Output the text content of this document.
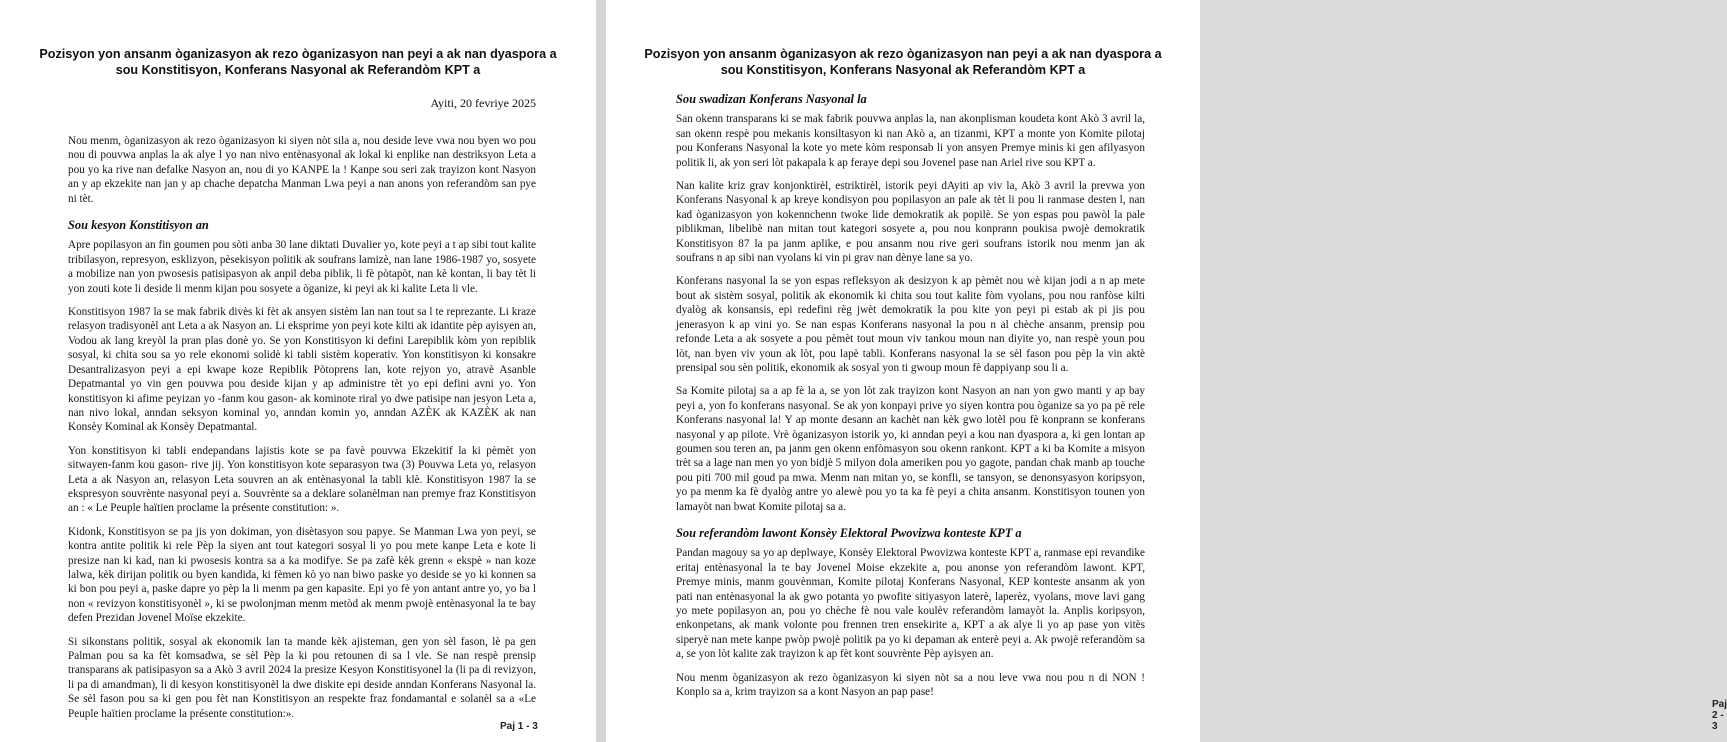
Pozisyon yon ansanm òganizasyon ak rezo òganizasyon nan peyi a ak nan dyaspora a
sou Konstitisyon, Konferans Nasyonal ak Referandòm KPT a
Ayiti, 20 fevriye 2025
Paj 1 - 3
Pozisyon yon ansanm òganizasyon ak rezo òganizasyon nan peyi a ak nan dyaspora a
sou Konstitisyon, Konferans Nasyonal ak Referandòm KPT a
Paj 2 - 3

Nou menm, òganizasyon ak rezo òganizasyon ki siyen nòt sila a, nou deside leve vwa nou byen wo pou nou di pouvwa anplas la ak alye l yo nan nivo entènasyonal ak lokal ki enplike nan destriksyon Leta a pou yo ka rive nan defalke Nasyon an, nou di yo KANPE la ! Kanpe sou seri zak trayizon kont Nasyon an y ap ekzekite nan jan y ap chache depatcha Manman Lwa peyi a nan anons yon referandòm san pye ni tèt.

Sou kesyon Konstitisyon an

Apre popilasyon an fin goumen pou sòti anba 30 lane diktati Duvalier yo, kote peyi a t ap sibi tout kalite tribilasyon, represyon, esklizyon, pèsekisyon politik ak soufrans lamizè, nan lane 1986-1987 yo, sosyete a mobilize nan yon pwosesis patisipasyon ak anpil deba piblik, li fè pòtapòt, nan kè kontan, li bay tèt li yon zouti kote li deside li menm kijan pou sosyete a òganize, ki peyi ak ki kalite Leta li vle.

Konstitisyon 1987 la se mak fabrik divès ki fèt ak ansyen sistèm lan nan tout sa l te reprezante. Li kraze relasyon tradisyonèl ant Leta a ak Nasyon an. Li eksprime yon peyi kote kilti ak idantite pèp ayisyen an, Vodou ak lang kreyòl la pran plas donè yo. Se yon Konstitisyon ki defini Larepiblik kòm yon repiblik sosyal, ki chita sou sa yo rele ekonomi solidè ki tabli sistèm koperativ. Yon konstitisyon ki konsakre Desantralizasyon peyi a epi kwape koze Repiblik Pòtoprens lan, kote rejyon yo, atravè Asanble Depatmantal yo vin gen pouvwa pou deside kijan y ap administre tèt yo epi defini avni yo. Yon konstitisyon ki afime peyizan yo -fanm kou gason- ak kominote riral yo dwe patisipe nan jesyon Leta a, nan nivo lokal, anndan seksyon kominal yo, anndan komin yo, anndan AZÈK ak KAZÈK ak nan Konsèy Kominal ak Konsèy Depatmantal.

Yon konstitisyon ki tabli endepandans lajistis kote se pa favè pouvwa Ekzekitif la ki pèmèt yon sitwayen-fanm kou gason- rive jij. Yon konstitisyon kote separasyon twa (3) Pouvwa Leta yo, relasyon Leta a ak Nasyon an, relasyon Leta souvren an ak entènasyonal la tabli klè. Konstitisyon 1987 la se ekspresyon souvrènte nasyonal peyi a. Souvrènte sa a deklare solanèlman nan premye fraz Konstitisyon an : « Le Peuple haïtien proclame la présente constitution: ».

Kidonk, Konstitisyon se pa jis yon dokiman, yon disètasyon sou papye. Se Manman Lwa yon peyi, se kontra antite politik ki rele Pèp la siyen ant tout kategori sosyal li yo pou mete kanpe Leta e kote li presize nan ki kad, nan ki pwosesis kontra sa a ka modifye. Se pa zafè kèk grenn « ekspè » nan koze lalwa, kèk dirijan politik ou byen kandida, ki fèmen kò yo nan biwo paske yo deside se yo ki konnen sa ki bon pou peyi a, paske dapre yo pèp la li menm pa gen kapasite. Epi yo fè yon antant antre yo, yo ba l non « revizyon konstitisyonèl », ki se pwolonjman menm metòd ak menm pwojè entènasyonal la te bay defen Prezidan Jovenel Moïse ekzekite.

Si sikonstans politik, sosyal ak ekonomik lan ta mande kèk ajisteman, gen yon sèl fason, lè pa gen Palman pou sa ka fèt komsadwa, se sèl Pèp la ki pou retounen di sa l vle. Se nan respè prensip transparans ak patisipasyon sa a Akò 3 avril 2024 la presize Kesyon Konstitisyonel la (li pa di revizyon, li pa di amandman), li di kesyon konstitisyonèl la dwe diskite epi deside anndan Konferans Nasyonal la. Se sèl fason pou sa ki gen pou fèt nan Konstitisyon an respekte fraz fondamantal e solanèl sa a «Le Peuple haïtien proclame la présente constitution:».

Sou swadizan Konferans Nasyonal la

San okenn transparans ki se mak fabrik pouvwa anplas la, nan akonplisman koudeta kont Akò 3 avril la, san okenn respè pou mekanis konsiltasyon ki nan Akò a, an tizanmi, KPT a monte yon Komite pilotaj pou Konferans Nasyonal la kote yo mete kòm responsab li yon ansyen Premye minis ki gen afilyasyon politik li, ak yon seri lòt pakapala k ap feraye depi sou Jovenel pase nan Ariel rive sou KPT a.

Nan kalite kriz grav konjonktirèl, estriktirèl, istorik peyi dAyiti ap viv la, Akò 3 avril la prevwa yon Konferans Nasyonal k ap kreye kondisyon pou popilasyon an pale ak tèt li pou li ranmase desten l, nan kad òganizasyon yon kokennchenn twoke lide demokratik ak popilè. Se yon espas pou pawòl la pale piblikman, libelibè nan mitan tout kategori sosyete a, pou nou konprann poukisa pwojè demokratik Konstitisyon 87 la pa janm aplike, e pou ansanm nou rive geri soufrans istorik nou menm jan ak soufrans n ap sibi nan vyolans ki vin pi grav nan dènye lane sa yo.

Konferans nasyonal la se yon espas refleksyon ak desizyon k ap pèmèt nou wè kijan jodi a n ap mete bout ak sistèm sosyal, politik ak ekonomik ki chita sou tout kalite fòm vyolans, pou nou ranfòse kilti dyalòg ak konsansis, epi redefini règ jwèt demokratik la pou kite yon peyi pi estab ak pi jis pou jenerasyon k ap vini yo. Se nan espas Konferans nasyonal la pou n al chèche ansanm, prensip pou refonde Leta a ak sosyete a pou pèmèt tout moun viv tankou moun nan diyite yo, nan respè youn pou lòt, nan byen viv youn ak lòt, pou lapè tabli. Konferans nasyonal la se sèl fason pou pèp la vin aktè prensipal sou sèn politik, ekonomik ak sosyal yon ti gwoup moun fè dappiyanp sou li a.

Sa Komite pilotaj sa a ap fè la a, se yon lòt zak trayizon kont Nasyon an nan yon gwo manti y ap bay peyi a, yon fo konferans nasyonal. Se ak yon konpayi prive yo siyen kontra pou òganize sa yo pa pè rele Konferans nasyonal la! Y ap monte desann an kachèt nan kèk gwo lotèl pou fè konprann se konferans nasyonal y ap pilote. Vrè òganizasyon istorik yo, ki anndan peyi a kou nan dyaspora a, ki gen lontan ap goumen sou teren an, pa janm gen okenn enfòmasyon sou okenn rankont. KPT a ki ba Komite a misyon trèt sa a lage nan men yo yon bidjè 5 milyon dola ameriken pou yo gagote, pandan chak manb ap touche pou piti 700 mil goud pa mwa. Menm nan mitan yo, se konfli, se tansyon, se denonsyasyon koripsyon, yo pa menm ka fè dyalòg antre yo alewè pou yo ta ka fè peyi a chita ansanm. Konstitisyon tounen yon lamayòt nan bwat Komite pilotaj sa a.

Sou referandòm lawont Konsèy Elektoral Pwovizwa konteste KPT a

Pandan magouy sa yo ap deplwaye, Konsèy Elektoral Pwovizwa konteste KPT a, ranmase epi revandike eritaj entènasyonal la te bay Jovenel Moise ekzekite a, pou anonse yon referandòm lawont. KPT, Premye minis, manm gouvènman, Komite pilotaj Konferans Nasyonal, KEP konteste ansanm ak yon pati nan entènasyonal la ak gwo potanta yo pwofite sitiyasyon laterè, laperèz, vyolans, move lavi gang yo mete popilasyon an, pou yo chèche fè nou vale koulèv referandòm lamayòt la. Anplis koripsyon, enkonpetans, ak mank volonte pou frennen tren ensekirite a, KPT a ak alye li yo ap pase yon vitès siperyè nan mete kanpe pwòp pwojè politik pa yo ki depaman ak enterè peyi a. Ak pwojè referandòm sa a, se yon lòt kalite zak trayizon k ap fèt kont souvrènte Pèp ayisyen an.

Nou menm òganizasyon ak rezo òganizasyon ki siyen nòt sa a nou leve vwa nou pou n di NON ! Konplo sa a, krim trayizon sa a kont Nasyon an pap pase!
